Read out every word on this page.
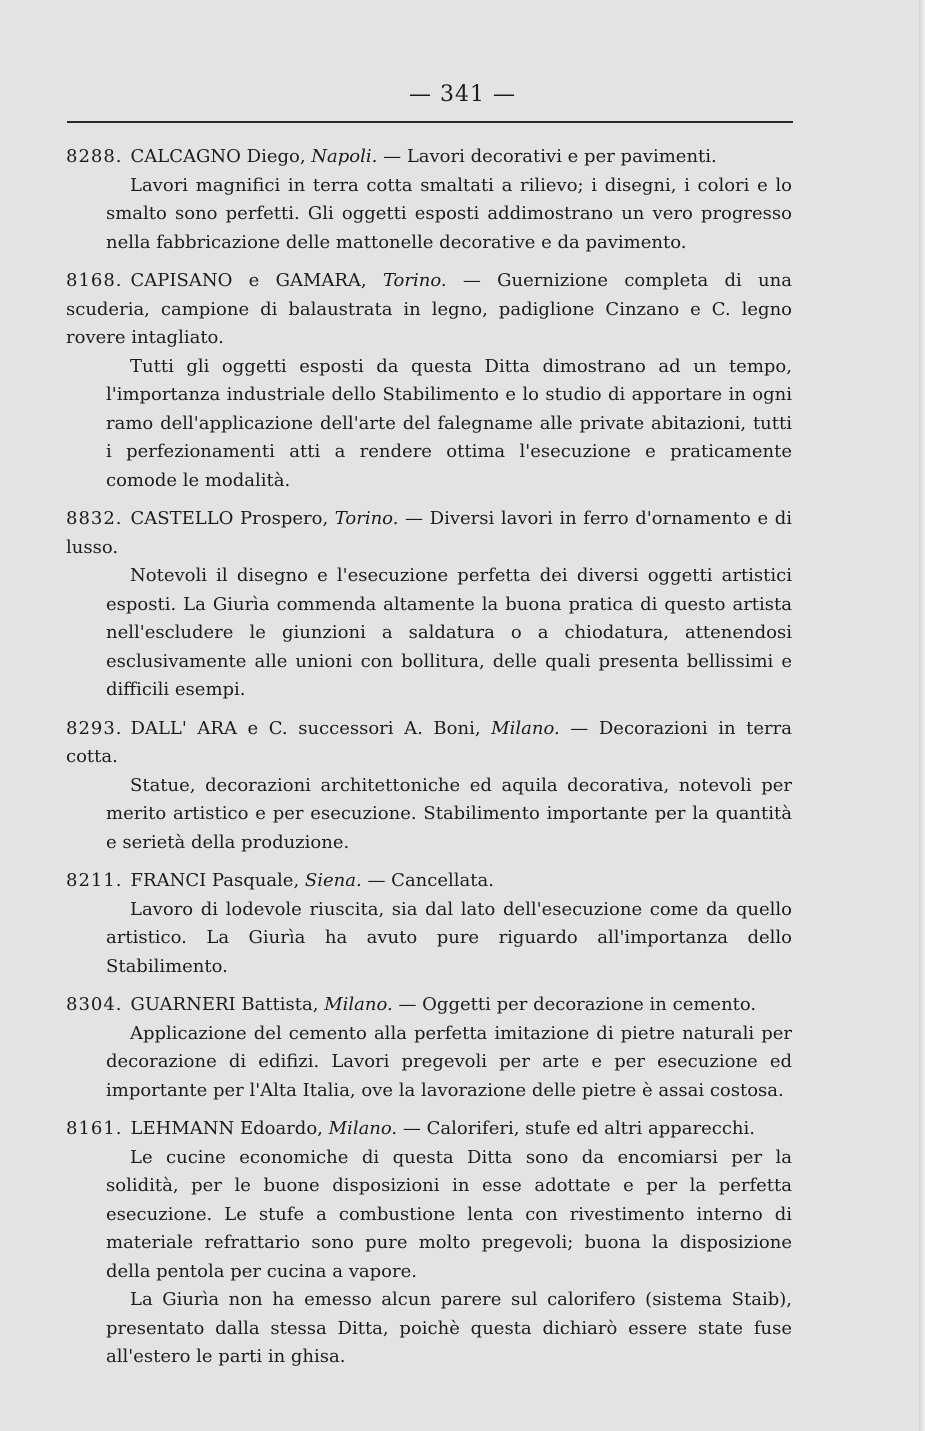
— 341 —

8288. CALCAGNO Diego, Napoli. — Lavori decorativi e per pavimenti.

Lavori magnifici in terra cotta smaltati a rilievo; i disegni, i colori e lo smalto sono perfetti. Gli oggetti esposti addimostrano un vero progresso nella fabbricazione delle mattonelle decorative e da pavimento.

8168. CAPISANO e GAMARA, Torino. — Guernizione completa di una scuderia, campione di balaustrata in legno, padiglione Cinzano e C. legno rovere intagliato.

Tutti gli oggetti esposti da questa Ditta dimostrano ad un tempo, l'importanza industriale dello Stabilimento e lo studio di apportare in ogni ramo dell'applicazione dell'arte del falegname alle private abitazioni, tutti i perfezionamenti atti a rendere ottima l'esecuzione e praticamente comode le modalità.

8832. CASTELLO Prospero, Torino. — Diversi lavori in ferro d'ornamento e di lusso.

Notevoli il disegno e l'esecuzione perfetta dei diversi oggetti artistici esposti. La Giurìa commenda altamente la buona pratica di questo artista nell'escludere le giunzioni a saldatura o a chiodatura, attenendosi esclusivamente alle unioni con bollitura, delle quali presenta bellissimi e difficili esempi.

8293. DALL' ARA e C. successori A. Boni, Milano. — Decorazioni in terra cotta.

Statue, decorazioni architettoniche ed aquila decorativa, notevoli per merito artistico e per esecuzione. Stabilimento importante per la quantità e serietà della produzione.

8211. FRANCI Pasquale, Siena. — Cancellata.

Lavoro di lodevole riuscita, sia dal lato dell'esecuzione come da quello artistico. La Giurìa ha avuto pure riguardo all'importanza dello Stabilimento.

8304. GUARNERI Battista, Milano. — Oggetti per decorazione in cemento.

Applicazione del cemento alla perfetta imitazione di pietre naturali per decorazione di edifizi. Lavori pregevoli per arte e per esecuzione ed importante per l'Alta Italia, ove la lavorazione delle pietre è assai costosa.

8161. LEHMANN Edoardo, Milano. — Caloriferi, stufe ed altri apparecchi.

Le cucine economiche di questa Ditta sono da encomiarsi per la solidità, per le buone disposizioni in esse adottate e per la perfetta esecuzione. Le stufe a combustione lenta con rivestimento interno di materiale refrattario sono pure molto pregevoli; buona la disposizione della pentola per cucina a vapore.

La Giurìa non ha emesso alcun parere sul calorifero (sistema Staib), presentato dalla stessa Ditta, poichè questa dichiarò essere state fuse all'estero le parti in ghisa.
